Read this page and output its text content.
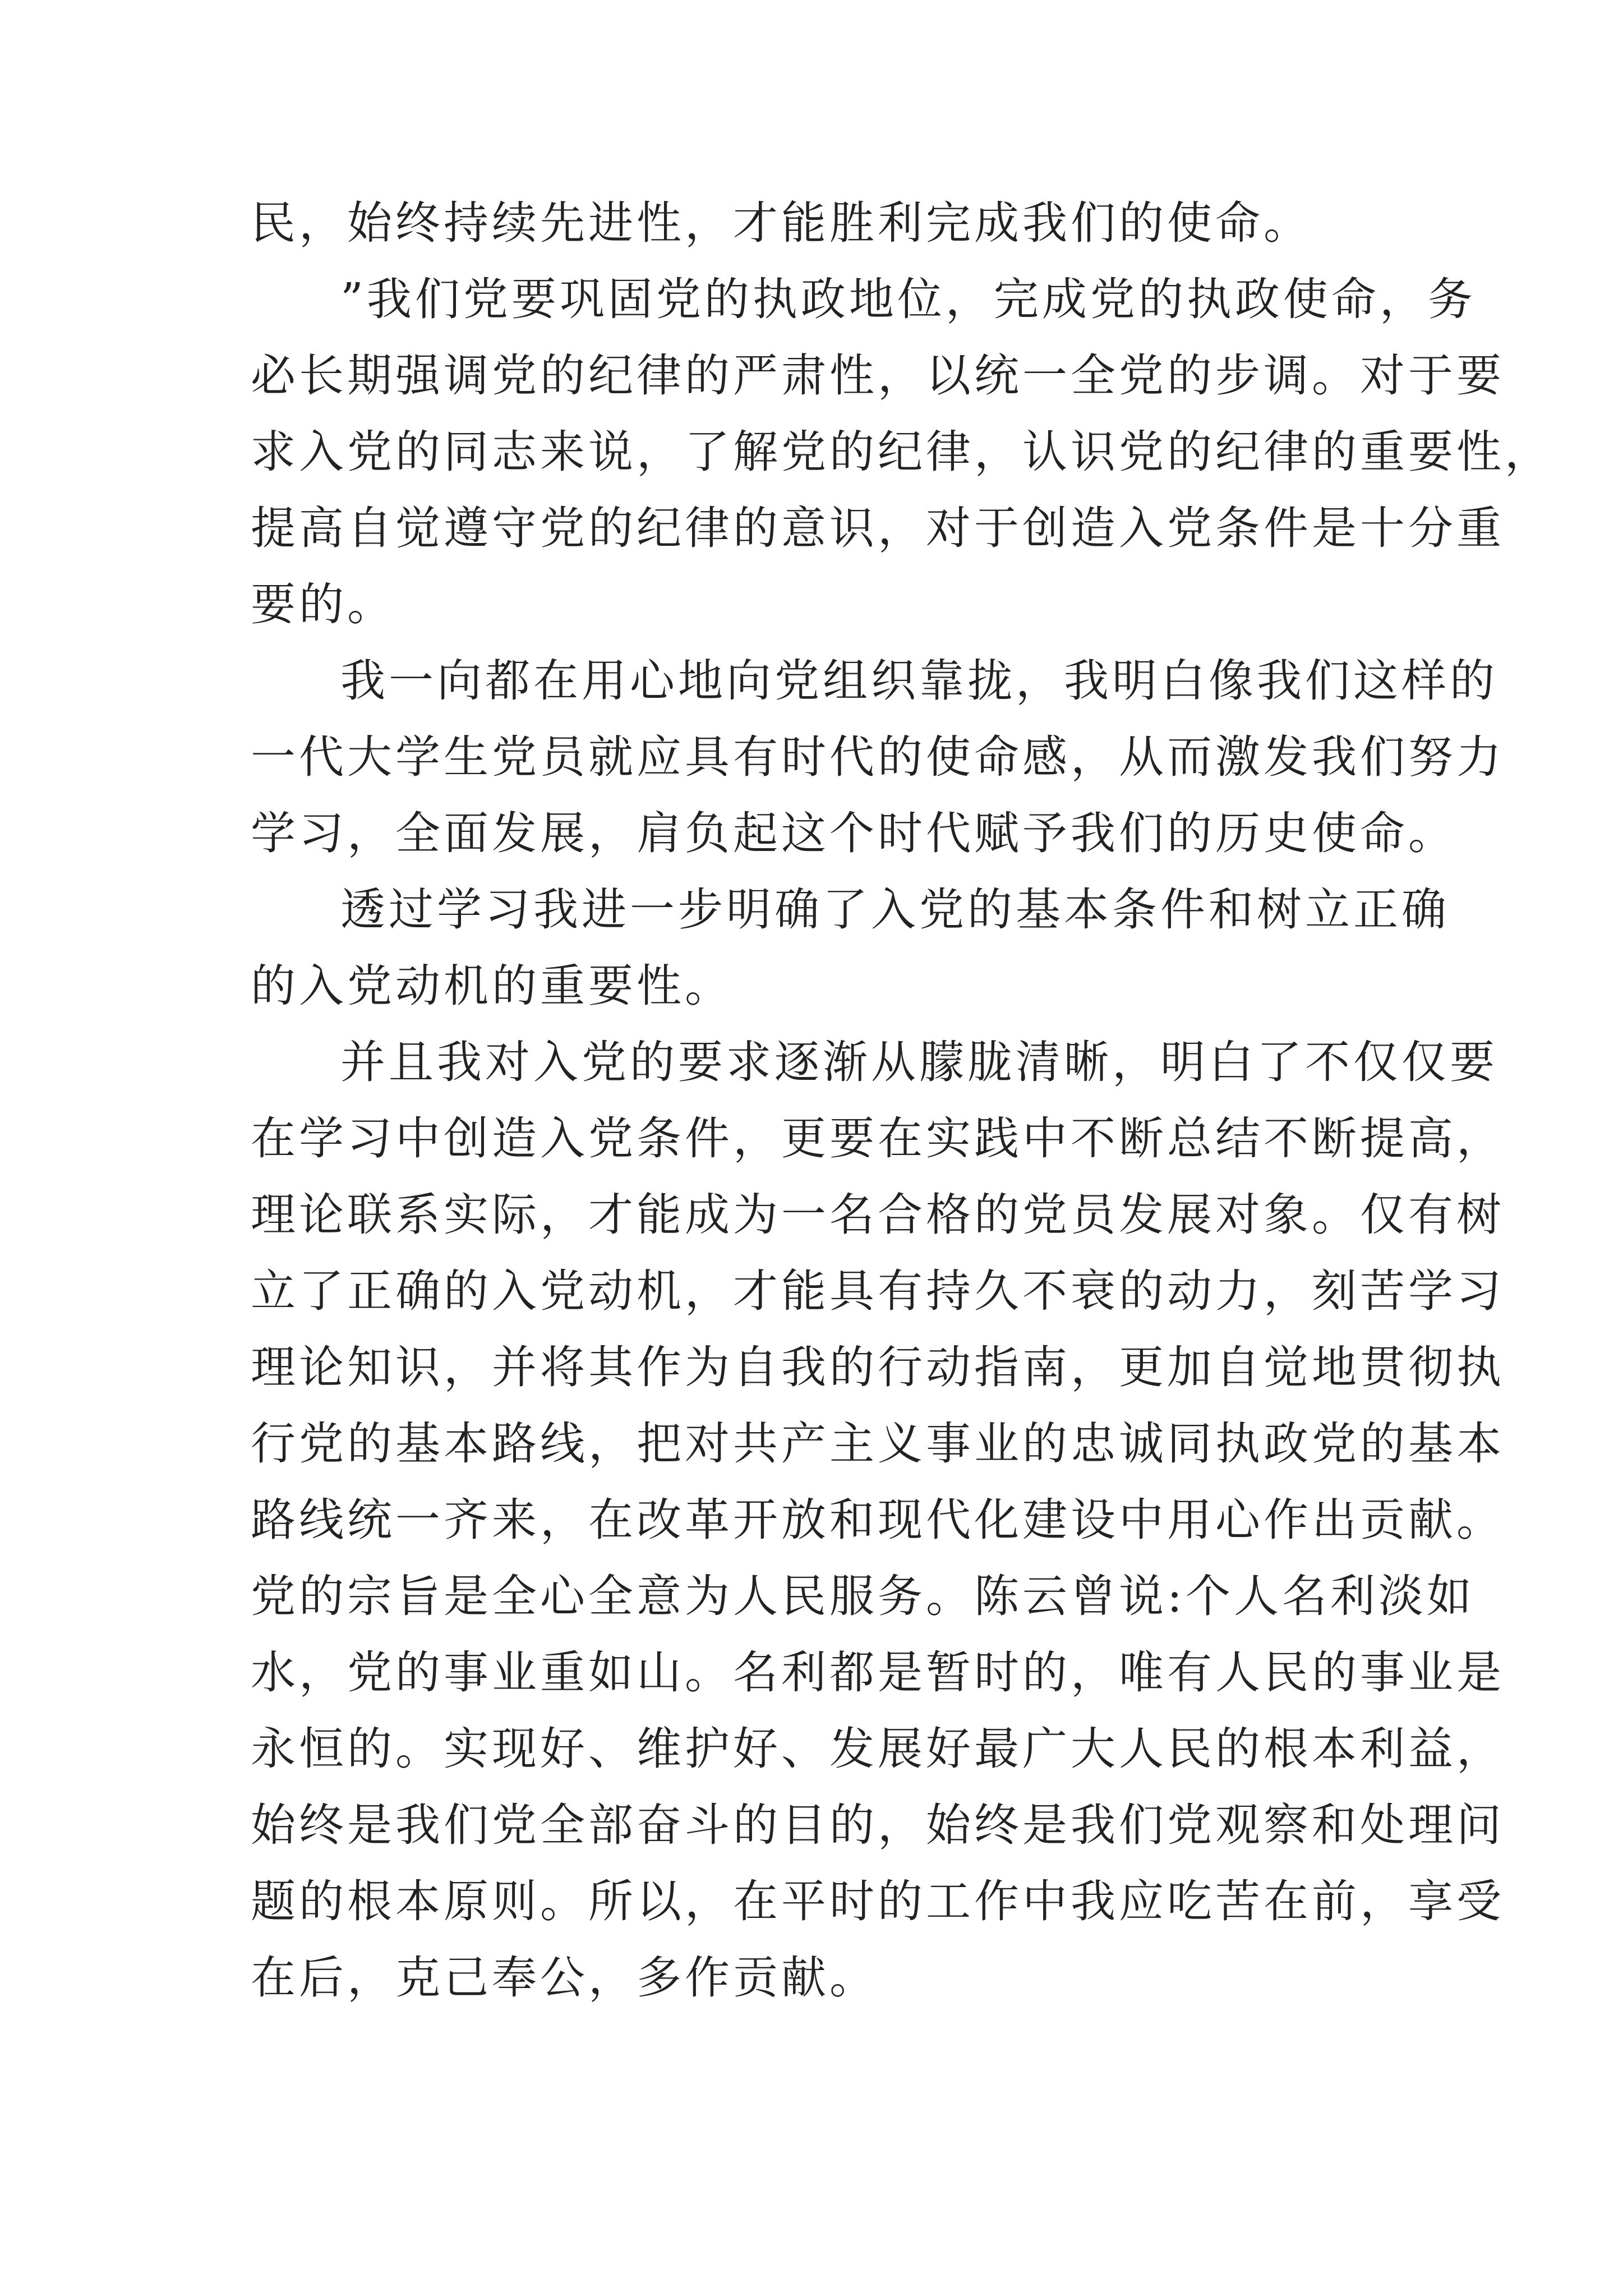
民，始终持续先进性，才能胜利完成我们的使命。
”我们党要巩固党的执政地位，完成党的执政使命，务
必长期强调党的纪律的严肃性，以统一全党的步调。对于要
求入党的同志来说，了解党的纪律，认识党的纪律的重要性，
提高自觉遵守党的纪律的意识，对于创造入党条件是十分重
要的。
我一向都在用心地向党组织靠拢，我明白像我们这样的
一代大学生党员就应具有时代的使命感，从而激发我们努力
学习，全面发展，肩负起这个时代赋予我们的历史使命。
透过学习我进一步明确了入党的基本条件和树立正确
的入党动机的重要性。
并且我对入党的要求逐渐从朦胧清晰，明白了不仅仅要
在学习中创造入党条件，更要在实践中不断总结不断提高，
理论联系实际，才能成为一名合格的党员发展对象。仅有树
立了正确的入党动机，才能具有持久不衰的动力，刻苦学习
理论知识，并将其作为自我的行动指南，更加自觉地贯彻执
行党的基本路线，把对共产主义事业的忠诚同执政党的基本
路线统一齐来，在改革开放和现代化建设中用心作出贡献。
党的宗旨是全心全意为人民服务。陈云曾说:个人名利淡如
水，党的事业重如山。名利都是暂时的，唯有人民的事业是
永恒的。实现好、维护好、发展好最广大人民的根本利益，
始终是我们党全部奋斗的目的，始终是我们党观察和处理问
题的根本原则。所以，在平时的工作中我应吃苦在前，享受
在后，克己奉公，多作贡献。
